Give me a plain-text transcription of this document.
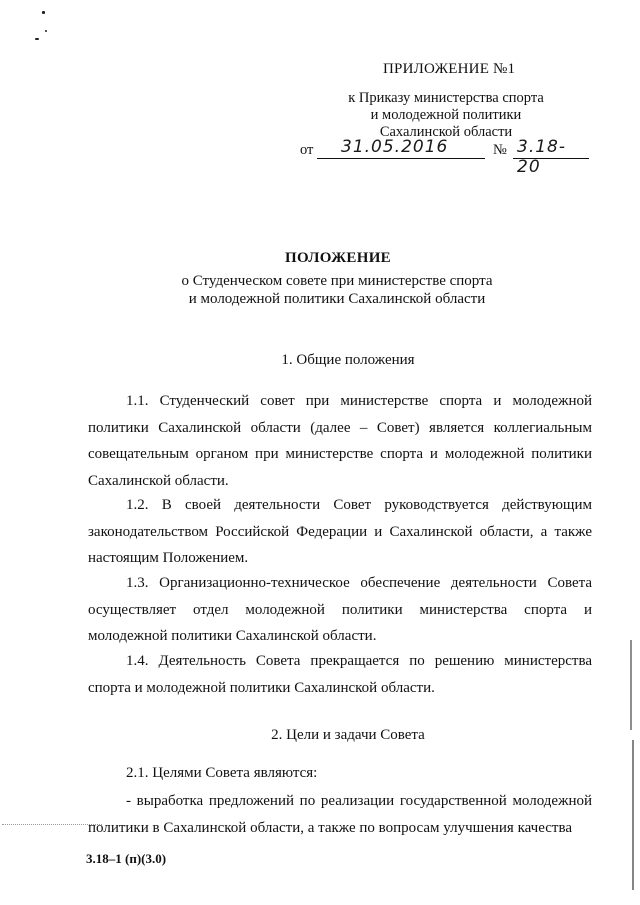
ПРИЛОЖЕНИЕ №1
к Приказу министерства спорта
и молодежной политики
Сахалинской области
от 31.05.2016	№ 3.18-20
ПОЛОЖЕНИЕ
о Студенческом совете при министерстве спорта
и молодежной политики Сахалинской области
1. Общие положения
1.1. Студенческий совет при министерстве спорта и молодежной политики Сахалинской области (далее – Совет) является коллегиальным совещательным органом при министерстве спорта и молодежной политики Сахалинской области.
1.2. В своей деятельности Совет руководствуется действующим законодательством Российской Федерации и Сахалинской области, а также настоящим Положением.
1.3. Организационно-техническое обеспечение деятельности Совета осуществляет отдел молодежной политики министерства спорта и молодежной политики Сахалинской области.
1.4. Деятельность Совета прекращается по решению министерства спорта и молодежной политики Сахалинской области.
2. Цели и задачи Совета
2.1. Целями Совета являются:
- выработка предложений по реализации государственной молодежной политики в Сахалинской области, а также по вопросам улучшения качества
3.18–1 (п)(3.0)
